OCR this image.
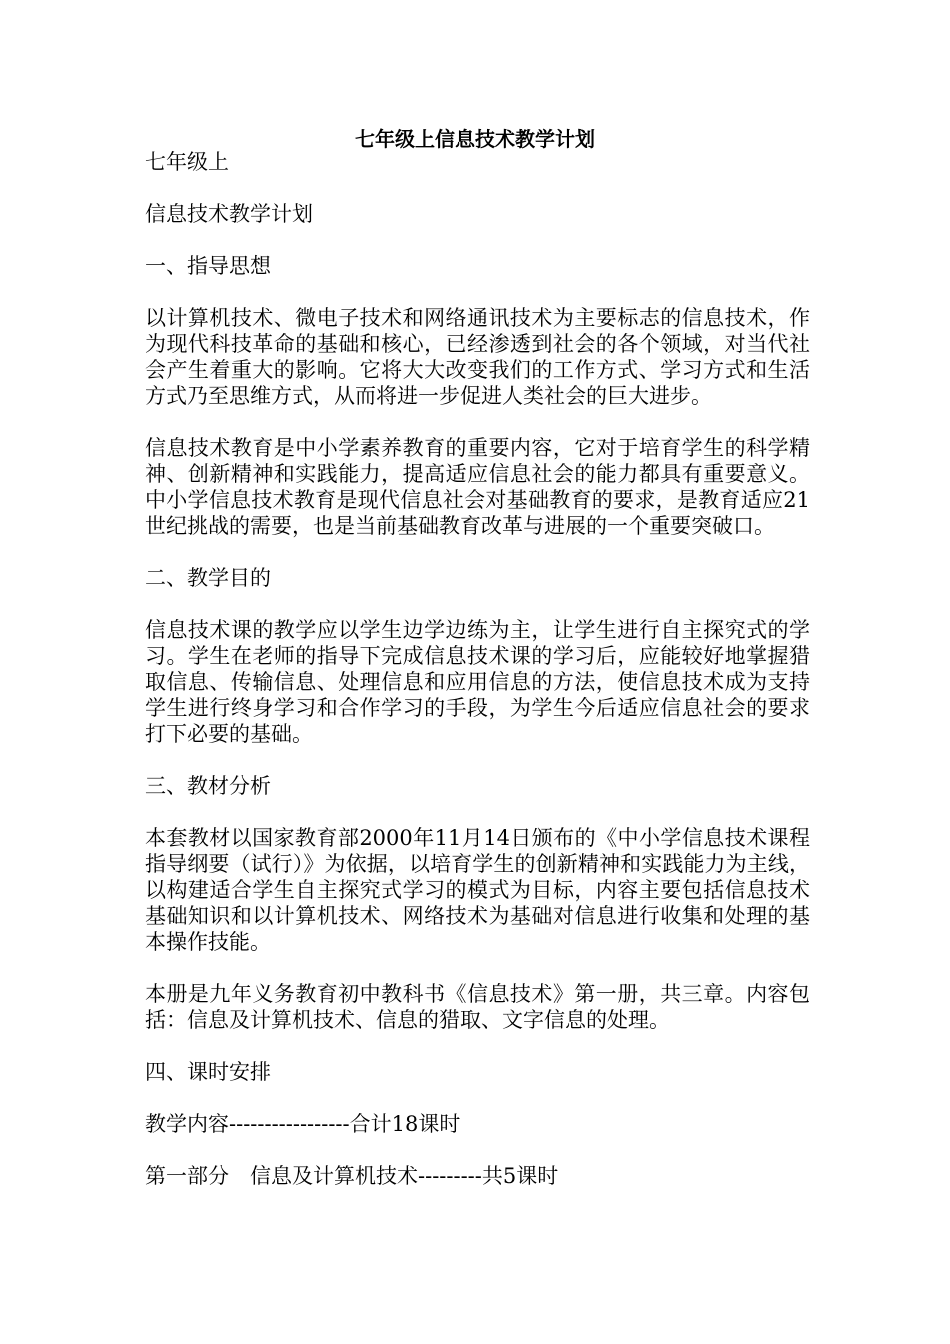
七年级上信息技术教学计划

七年级上

信息技术教学计划

一、指导思想

以计算机技术、微电子技术和网络通讯技术为主要标志的信息技术，作为现代科技革命的基础和核心，已经渗透到社会的各个领域，对当代社会产生着重大的影响。它将大大改变我们的工作方式、学习方式和生活方式乃至思维方式，从而将进一步促进人类社会的巨大进步。

信息技术教育是中小学素养教育的重要内容，它对于培育学生的科学精神、创新精神和实践能力，提高适应信息社会的能力都具有重要意义。中小学信息技术教育是现代信息社会对基础教育的要求，是教育适应21世纪挑战的需要，也是当前基础教育改革与进展的一个重要突破口。

二、教学目的

信息技术课的教学应以学生边学边练为主，让学生进行自主探究式的学习。学生在老师的指导下完成信息技术课的学习后，应能较好地掌握猎取信息、传输信息、处理信息和应用信息的方法，使信息技术成为支持学生进行终身学习和合作学习的手段，为学生今后适应信息社会的要求打下必要的基础。

三、教材分析

本套教材以国家教育部2000年11月14日颁布的《中小学信息技术课程指导纲要（试行）》为依据，以培育学生的创新精神和实践能力为主线，以构建适合学生自主探究式学习的模式为目标，内容主要包括信息技术基础知识和以计算机技术、网络技术为基础对信息进行收集和处理的基本操作技能。

本册是九年义务教育初中教科书《信息技术》第一册，共三章。内容包括：信息及计算机技术、信息的猎取、文字信息的处理。

四、课时安排

教学内容-----------------合计18课时

第一部分　信息及计算机技术---------共5课时
